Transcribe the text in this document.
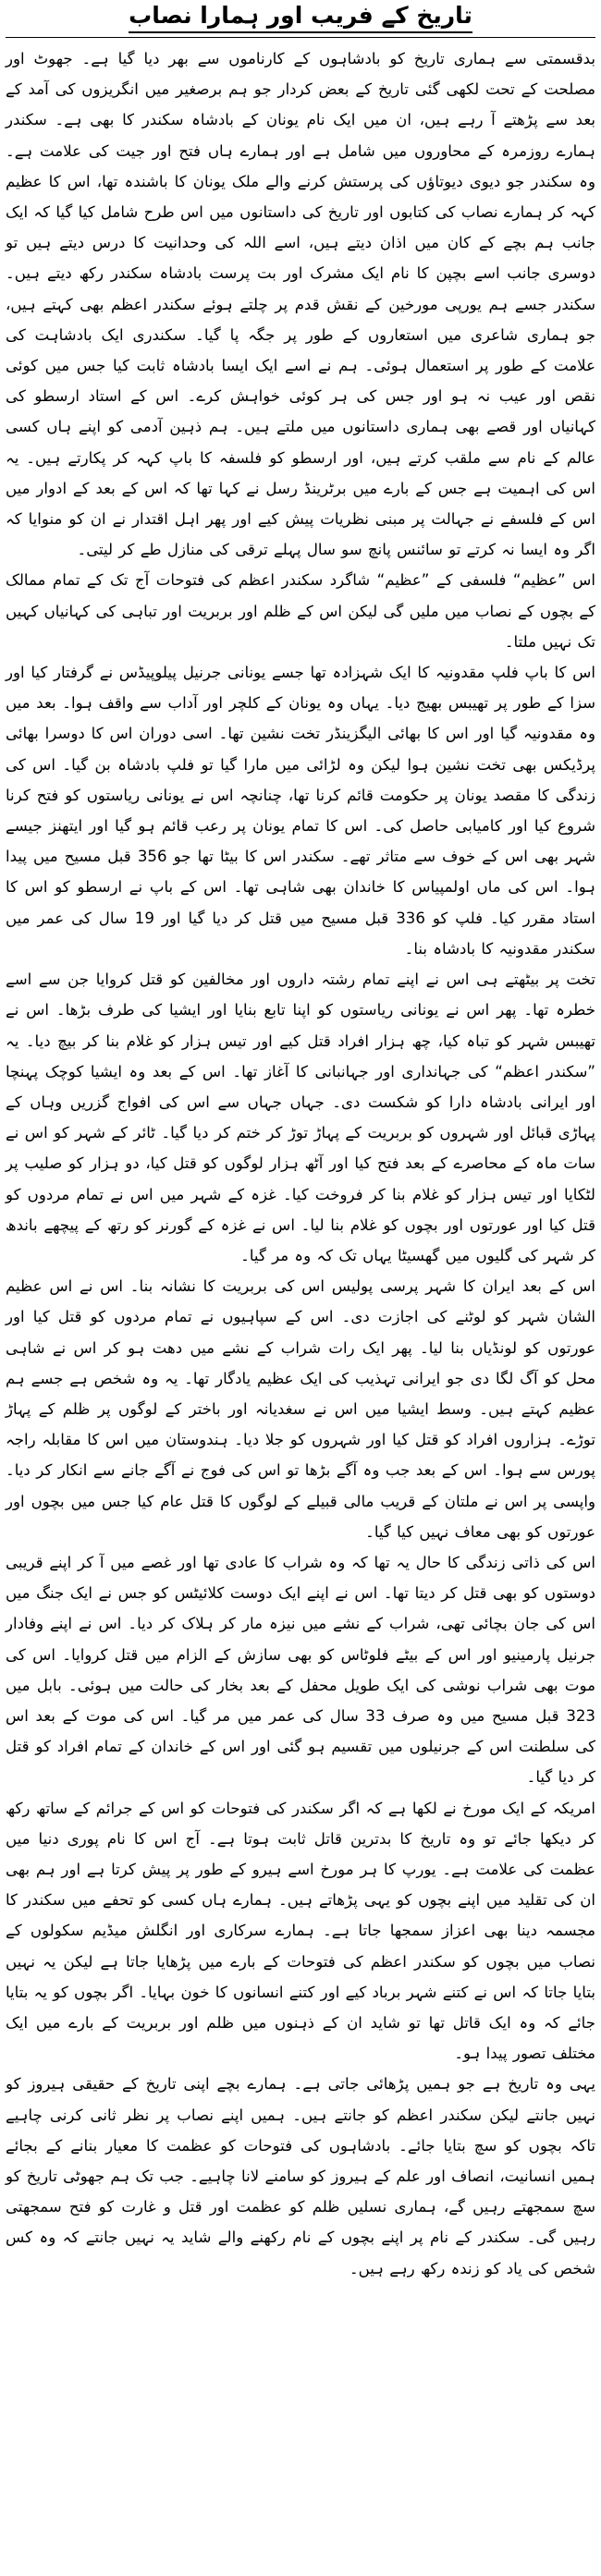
تاریخ کے فریب اور ہمارا نصاب

بدقسمتی سے ہماری تاریخ کو بادشاہوں کے کارناموں سے بھر دیا گیا ہے۔ جھوٹ اور مصلحت کے تحت لکھی گئی تاریخ کے بعض کردار جو ہم برصغیر میں انگریزوں کی آمد کے بعد سے پڑھتے آ رہے ہیں، ان میں ایک نام یونان کے بادشاہ سکندر کا بھی ہے۔ سکندر ہمارے روزمرہ کے محاوروں میں شامل ہے اور ہمارے ہاں فتح اور جیت کی علامت ہے۔ وہ سکندر جو دیوی دیوتاؤں کی پرستش کرنے والے ملک یونان کا باشندہ تھا، اس کا عظیم کہہ کر ہمارے نصاب کی کتابوں اور تاریخ کی داستانوں میں اس طرح شامل کیا گیا کہ ایک جانب ہم بچے کے کان میں اذان دیتے ہیں، اسے اللہ کی وحدانیت کا درس دیتے ہیں تو دوسری جانب اسے بچپن کا نام ایک مشرک اور بت پرست بادشاہ سکندر رکھ دیتے ہیں۔ سکندر جسے ہم یورپی مورخین کے نقش قدم پر چلتے ہوئے سکندر اعظم بھی کہتے ہیں، جو ہماری شاعری میں استعاروں کے طور پر جگہ پا گیا۔ سکندری ایک بادشاہت کی علامت کے طور پر استعمال ہوئی۔ ہم نے اسے ایک ایسا بادشاہ ثابت کیا جس میں کوئی نقص اور عیب نہ ہو اور جس کی ہر کوئی خواہش کرے۔ اس کے استاد ارسطو کی کہانیاں اور قصے بھی ہماری داستانوں میں ملتے ہیں۔ ہم ذہین آدمی کو اپنے ہاں کسی عالم کے نام سے ملقب کرتے ہیں، اور ارسطو کو فلسفہ کا باپ کہہ کر پکارتے ہیں۔ یہ اس کی اہمیت ہے جس کے بارے میں برٹرینڈ رسل نے کہا تھا کہ اس کے بعد کے ادوار میں اس کے فلسفے نے جہالت پر مبنی نظریات پیش کیے اور پھر اہل اقتدار نے ان کو منوایا کہ اگر وہ ایسا نہ کرتے تو سائنس پانچ سو سال پہلے ترقی کی منازل طے کر لیتی۔

اس ”عظیم“ فلسفی کے ”عظیم“ شاگرد سکندر اعظم کی فتوحات آج تک کے تمام ممالک کے بچوں کے نصاب میں ملیں گی لیکن اس کے ظلم اور بربریت اور تباہی کی کہانیاں کہیں تک نہیں ملتا۔

اس کا باپ فلپ مقدونیہ کا ایک شہزادہ تھا جسے یونانی جرنیل پیلوپیڈس نے گرفتار کیا اور سزا کے طور پر تھیبس بھیج دیا۔ یہاں وہ یونان کے کلچر اور آداب سے واقف ہوا۔ بعد میں وہ مقدونیہ گیا اور اس کا بھائی الیگزینڈر تخت نشین تھا۔ اسی دوران اس کا دوسرا بھائی پرڈیکس بھی تخت نشین ہوا لیکن وہ لڑائی میں مارا گیا تو فلپ بادشاہ بن گیا۔ اس کی زندگی کا مقصد یونان پر حکومت قائم کرنا تھا، چنانچہ اس نے یونانی ریاستوں کو فتح کرنا شروع کیا اور کامیابی حاصل کی۔ اس کا تمام یونان پر رعب قائم ہو گیا اور ایتھنز جیسے شہر بھی اس کے خوف سے متاثر تھے۔ سکندر اس کا بیٹا تھا جو 356 قبل مسیح میں پیدا ہوا۔ اس کی ماں اولمپیاس کا خاندان بھی شاہی تھا۔ اس کے باپ نے ارسطو کو اس کا استاد مقرر کیا۔ فلپ کو 336 قبل مسیح میں قتل کر دیا گیا اور 19 سال کی عمر میں سکندر مقدونیہ کا بادشاہ بنا۔

تخت پر بیٹھتے ہی اس نے اپنے تمام رشتہ داروں اور مخالفین کو قتل کروایا جن سے اسے خطرہ تھا۔ پھر اس نے یونانی ریاستوں کو اپنا تابع بنایا اور ایشیا کی طرف بڑھا۔ اس نے تھیبس شہر کو تباہ کیا، چھ ہزار افراد قتل کیے اور تیس ہزار کو غلام بنا کر بیچ دیا۔ یہ ”سکندر اعظم“ کی جہانداری اور جہانبانی کا آغاز تھا۔ اس کے بعد وہ ایشیا کوچک پہنچا اور ایرانی بادشاہ دارا کو شکست دی۔ جہاں جہاں سے اس کی افواج گزریں وہاں کے پہاڑی قبائل اور شہروں کو بربریت کے پہاڑ توڑ کر ختم کر دیا گیا۔ ٹائر کے شہر کو اس نے سات ماہ کے محاصرے کے بعد فتح کیا اور آٹھ ہزار لوگوں کو قتل کیا، دو ہزار کو صلیب پر لٹکایا اور تیس ہزار کو غلام بنا کر فروخت کیا۔ غزہ کے شہر میں اس نے تمام مردوں کو قتل کیا اور عورتوں اور بچوں کو غلام بنا لیا۔ اس نے غزہ کے گورنر کو رتھ کے پیچھے باندھ کر شہر کی گلیوں میں گھسیٹا یہاں تک کہ وہ مر گیا۔

اس کے بعد ایران کا شہر پرسی پولیس اس کی بربریت کا نشانہ بنا۔ اس نے اس عظیم الشان شہر کو لوٹنے کی اجازت دی۔ اس کے سپاہیوں نے تمام مردوں کو قتل کیا اور عورتوں کو لونڈیاں بنا لیا۔ پھر ایک رات شراب کے نشے میں دھت ہو کر اس نے شاہی محل کو آگ لگا دی جو ایرانی تہذیب کی ایک عظیم یادگار تھا۔ یہ وہ شخص ہے جسے ہم عظیم کہتے ہیں۔ وسط ایشیا میں اس نے سغدیانہ اور باختر کے لوگوں پر ظلم کے پہاڑ توڑے۔ ہزاروں افراد کو قتل کیا اور شہروں کو جلا دیا۔ ہندوستان میں اس کا مقابلہ راجہ پورس سے ہوا۔ اس کے بعد جب وہ آگے بڑھا تو اس کی فوج نے آگے جانے سے انکار کر دیا۔ واپسی پر اس نے ملتان کے قریب مالی قبیلے کے لوگوں کا قتل عام کیا جس میں بچوں اور عورتوں کو بھی معاف نہیں کیا گیا۔

اس کی ذاتی زندگی کا حال یہ تھا کہ وہ شراب کا عادی تھا اور غصے میں آ کر اپنے قریبی دوستوں کو بھی قتل کر دیتا تھا۔ اس نے اپنے ایک دوست کلائیٹس کو جس نے ایک جنگ میں اس کی جان بچائی تھی، شراب کے نشے میں نیزہ مار کر ہلاک کر دیا۔ اس نے اپنے وفادار جرنیل پارمینیو اور اس کے بیٹے فلوٹاس کو بھی سازش کے الزام میں قتل کروایا۔ اس کی موت بھی شراب نوشی کی ایک طویل محفل کے بعد بخار کی حالت میں ہوئی۔ بابل میں 323 قبل مسیح میں وہ صرف 33 سال کی عمر میں مر گیا۔ اس کی موت کے بعد اس کی سلطنت اس کے جرنیلوں میں تقسیم ہو گئی اور اس کے خاندان کے تمام افراد کو قتل کر دیا گیا۔

امریکہ کے ایک مورخ نے لکھا ہے کہ اگر سکندر کی فتوحات کو اس کے جرائم کے ساتھ رکھ کر دیکھا جائے تو وہ تاریخ کا بدترین قاتل ثابت ہوتا ہے۔ آج اس کا نام پوری دنیا میں عظمت کی علامت ہے۔ یورپ کا ہر مورخ اسے ہیرو کے طور پر پیش کرتا ہے اور ہم بھی ان کی تقلید میں اپنے بچوں کو یہی پڑھاتے ہیں۔ ہمارے ہاں کسی کو تحفے میں سکندر کا مجسمہ دینا بھی اعزاز سمجھا جاتا ہے۔ ہمارے سرکاری اور انگلش میڈیم سکولوں کے نصاب میں بچوں کو سکندر اعظم کی فتوحات کے بارے میں پڑھایا جاتا ہے لیکن یہ نہیں بتایا جاتا کہ اس نے کتنے شہر برباد کیے اور کتنے انسانوں کا خون بہایا۔ اگر بچوں کو یہ بتایا جائے کہ وہ ایک قاتل تھا تو شاید ان کے ذہنوں میں ظلم اور بربریت کے بارے میں ایک مختلف تصور پیدا ہو۔

یہی وہ تاریخ ہے جو ہمیں پڑھائی جاتی ہے۔ ہمارے بچے اپنی تاریخ کے حقیقی ہیروز کو نہیں جانتے لیکن سکندر اعظم کو جانتے ہیں۔ ہمیں اپنے نصاب پر نظر ثانی کرنی چاہیے تاکہ بچوں کو سچ بتایا جائے۔ بادشاہوں کی فتوحات کو عظمت کا معیار بنانے کے بجائے ہمیں انسانیت، انصاف اور علم کے ہیروز کو سامنے لانا چاہیے۔ جب تک ہم جھوٹی تاریخ کو سچ سمجھتے رہیں گے، ہماری نسلیں ظلم کو عظمت اور قتل و غارت کو فتح سمجھتی رہیں گی۔ سکندر کے نام پر اپنے بچوں کے نام رکھنے والے شاید یہ نہیں جانتے کہ وہ کس شخص کی یاد کو زندہ رکھ رہے ہیں۔
